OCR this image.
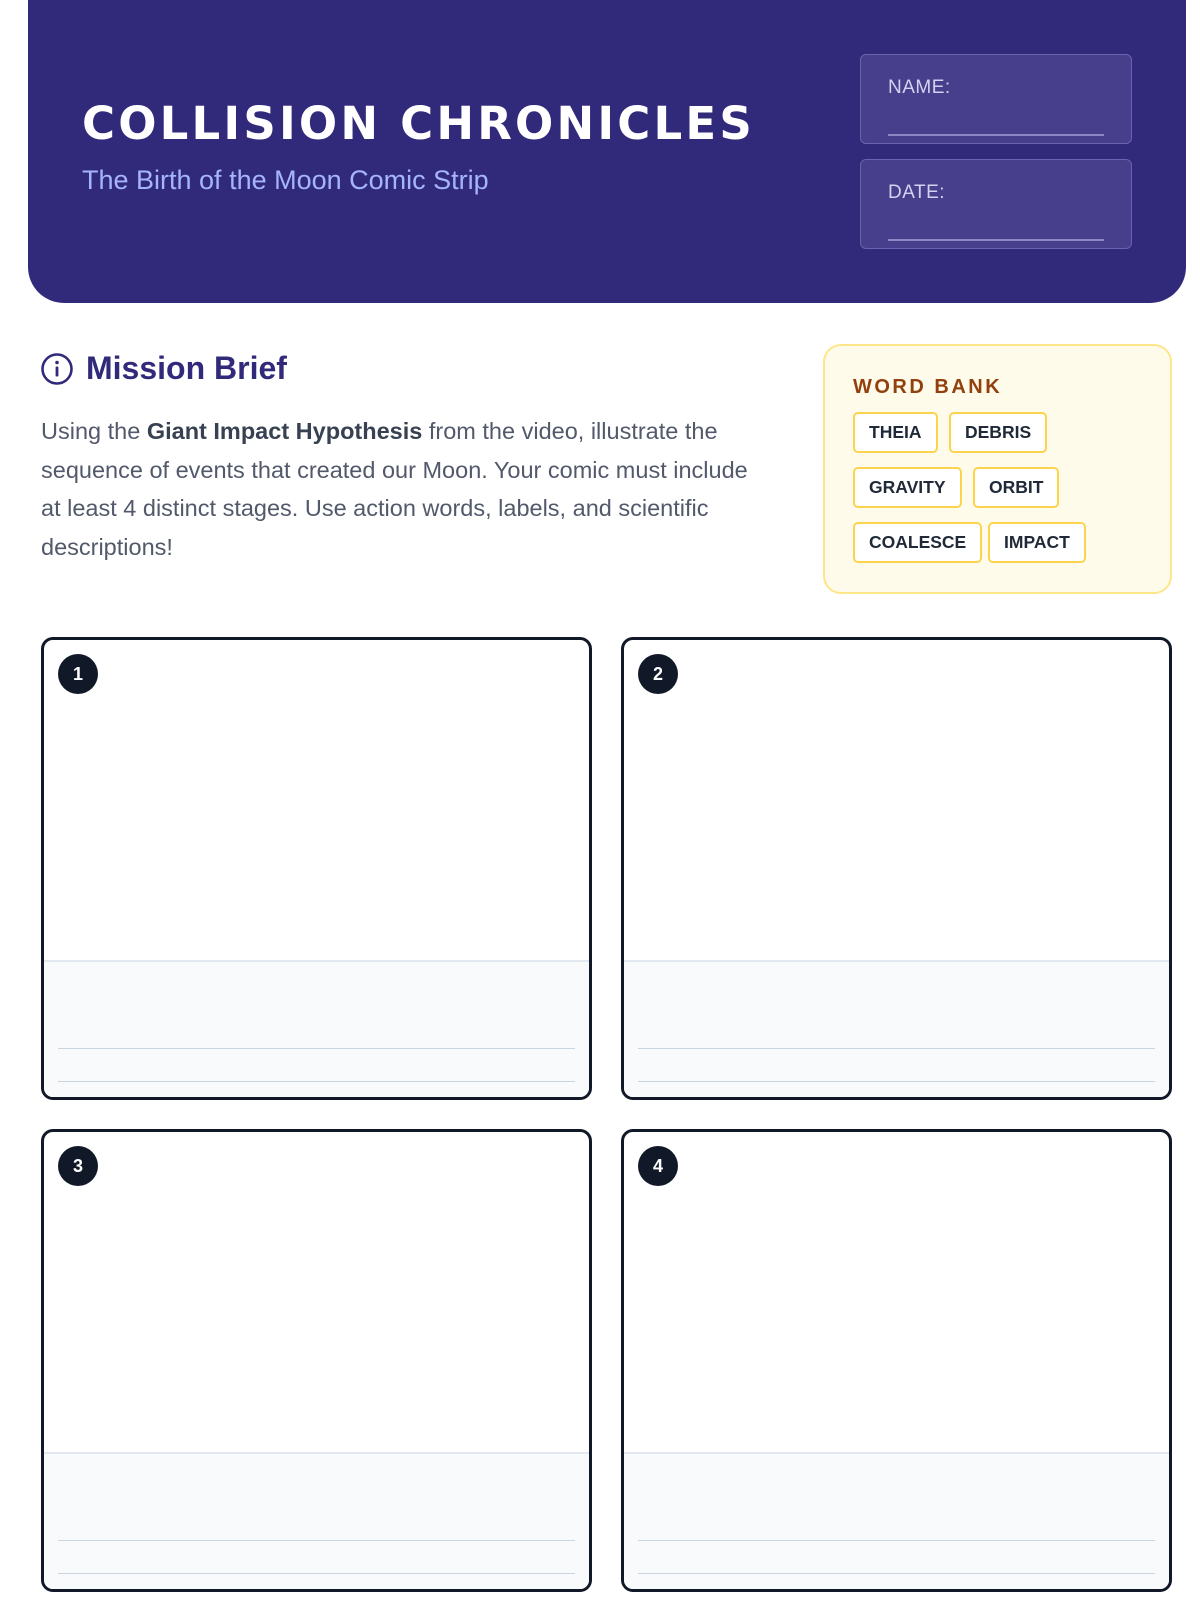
COLLISION CHRONICLES
The Birth of the Moon Comic Strip
NAME:
DATE:
Mission Brief
Using the Giant Impact Hypothesis from the video, illustrate the sequence of events that created our Moon. Your comic must include at least 4 distinct stages. Use action words, labels, and scientific descriptions!
WORD BANK
THEIA	DEBRIS
GRAVITY	ORBIT
COALESCE	IMPACT
1	2
3	4
